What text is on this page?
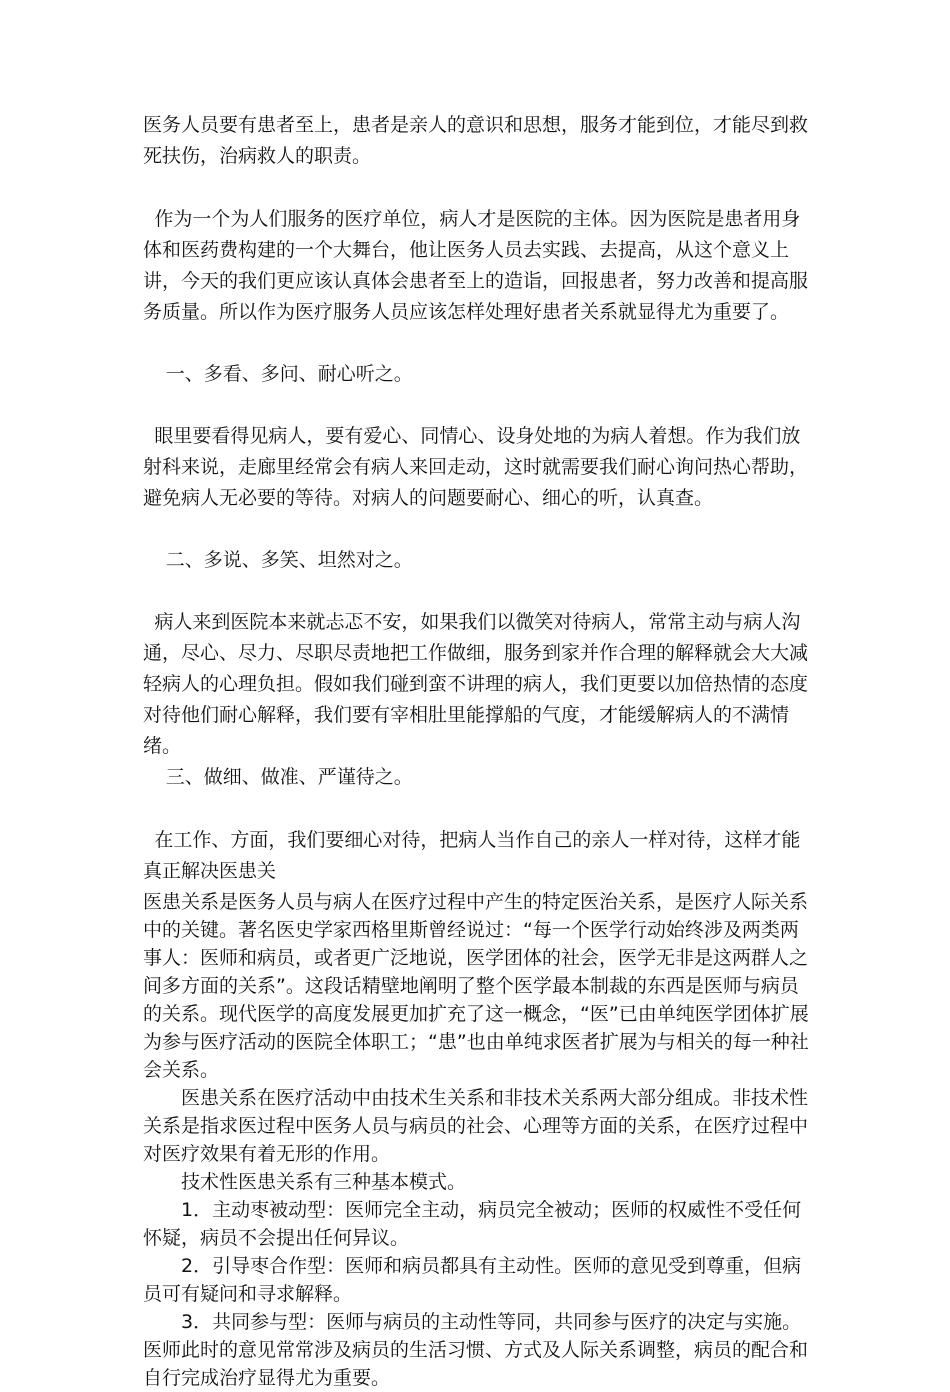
医务人员要有患者至上，患者是亲人的意识和思想，服务才能到位，才能尽到救死扶伤，治病救人的职责。

作为一个为人们服务的医疗单位，病人才是医院的主体。因为医院是患者用身体和医药费构建的一个大舞台，他让医务人员去实践、去提高，从这个意义上讲，今天的我们更应该认真体会患者至上的造诣，回报患者，努力改善和提高服务质量。所以作为医疗服务人员应该怎样处理好患者关系就显得尤为重要了。

一、多看、多问、耐心听之。

眼里要看得见病人，要有爱心、同情心、设身处地的为病人着想。作为我们放射科来说，走廊里经常会有病人来回走动，这时就需要我们耐心询问热心帮助，避免病人无必要的等待。对病人的问题要耐心、细心的听，认真查。

二、多说、多笑、坦然对之。

病人来到医院本来就忐忑不安，如果我们以微笑对待病人，常常主动与病人沟通，尽心、尽力、尽职尽责地把工作做细，服务到家并作合理的解释就会大大减轻病人的心理负担。假如我们碰到蛮不讲理的病人，我们更要以加倍热情的态度对待他们耐心解释，我们要有宰相肚里能撑船的气度，才能缓解病人的不满情绪。

三、做细、做准、严谨待之。

在工作、方面，我们要细心对待，把病人当作自己的亲人一样对待，这样才能真正解决医患关

医患关系是医务人员与病人在医疗过程中产生的特定医治关系，是医疗人际关系中的关键。著名医史学家西格里斯曾经说过：“每一个医学行动始终涉及两类两事人：医师和病员，或者更广泛地说，医学团体的社会，医学无非是这两群人之间多方面的关系”。这段话精壁地阐明了整个医学最本制裁的东西是医师与病员的关系。现代医学的高度发展更加扩充了这一概念，“医”已由单纯医学团体扩展为参与医疗活动的医院全体职工；“患”也由单纯求医者扩展为与相关的每一种社会关系。

医患关系在医疗活动中由技术生关系和非技术关系两大部分组成。非技术性关系是指求医过程中医务人员与病员的社会、心理等方面的关系，在医疗过程中对医疗效果有着无形的作用。

技术性医患关系有三种基本模式。

1．主动枣被动型：医师完全主动，病员完全被动；医师的权威性不受任何怀疑，病员不会提出任何异议。

2．引导枣合作型：医师和病员都具有主动性。医师的意见受到尊重，但病员可有疑问和寻求解释。

3．共同参与型：医师与病员的主动性等同，共同参与医疗的决定与实施。医师此时的意见常常涉及病员的生活习惯、方式及人际关系调整，病员的配合和自行完成治疗显得尤为重要。
